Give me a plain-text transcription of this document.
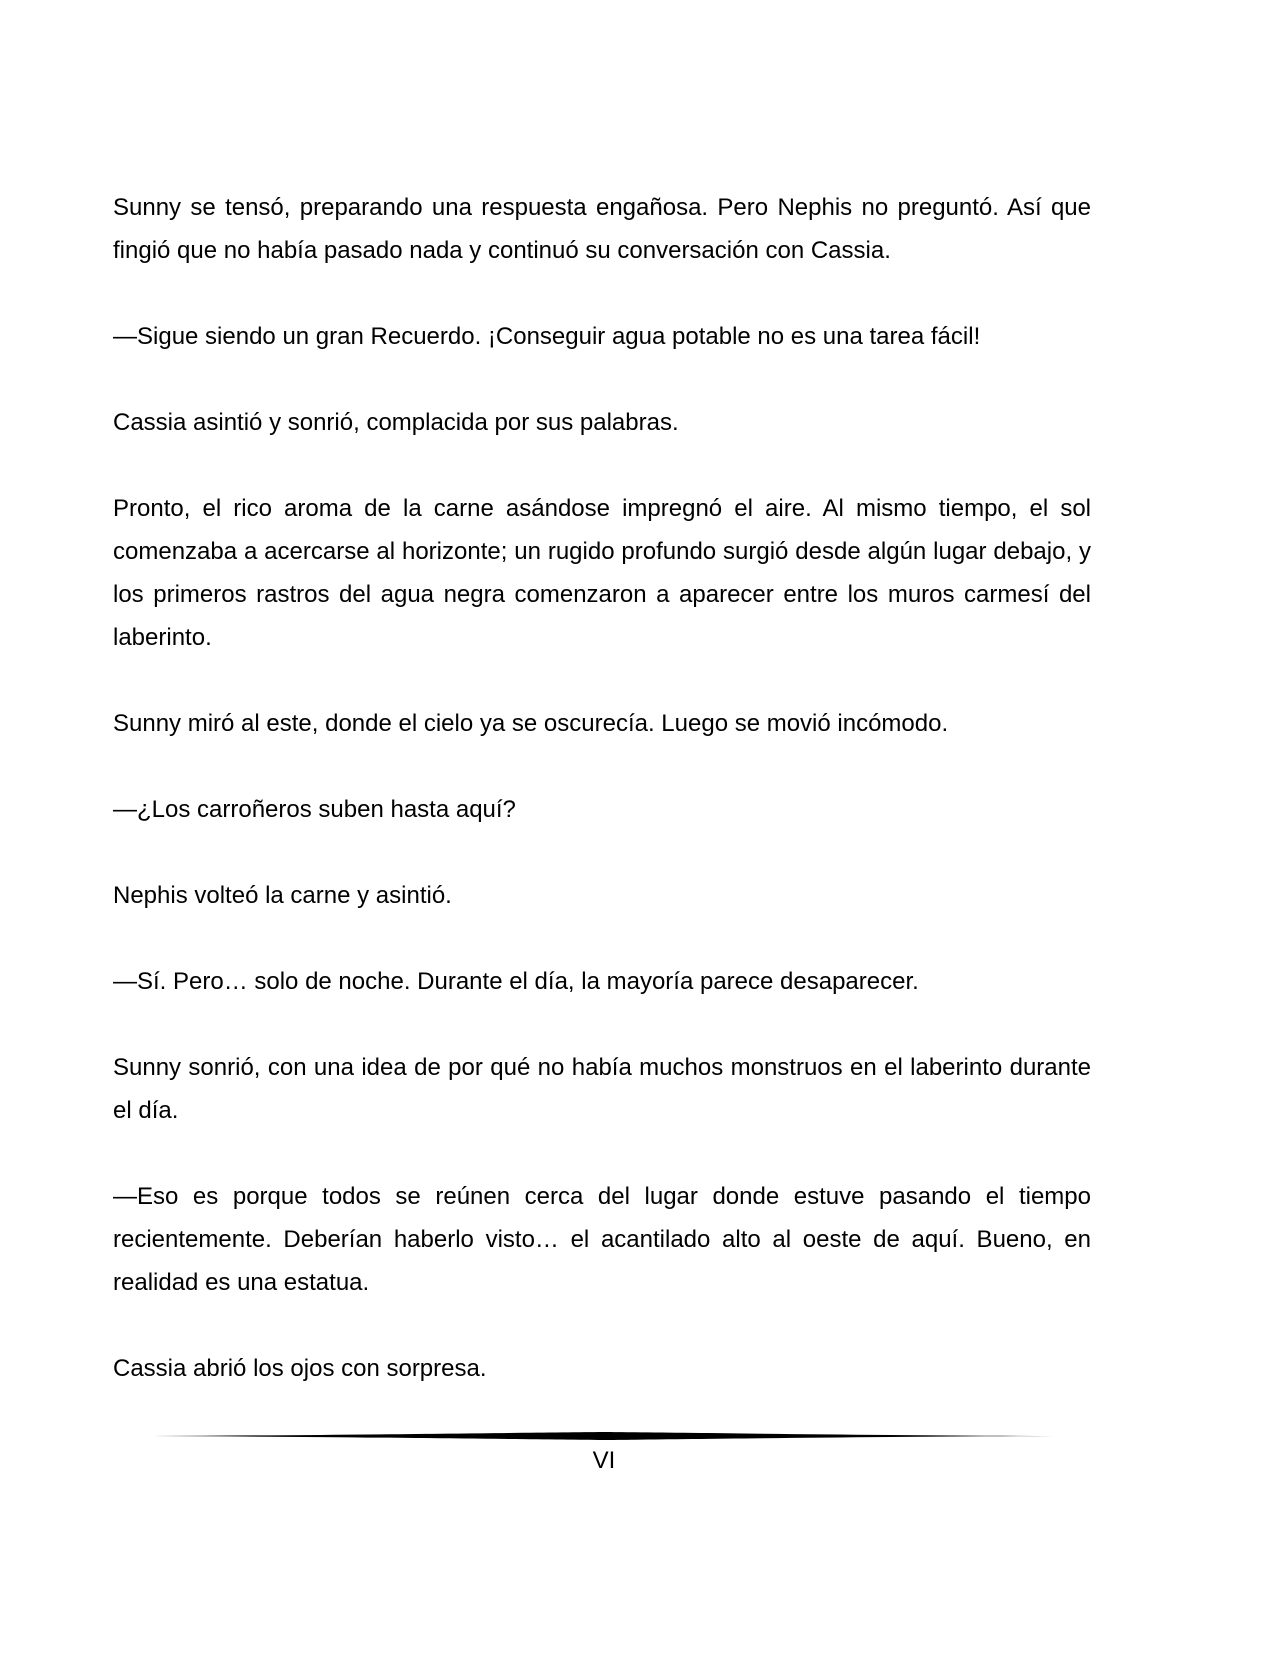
Sunny se tensó, preparando una respuesta engañosa. Pero Nephis no preguntó. Así que fingió que no había pasado nada y continuó su conversación con Cassia.

—Sigue siendo un gran Recuerdo. ¡Conseguir agua potable no es una tarea fácil!

Cassia asintió y sonrió, complacida por sus palabras.

Pronto, el rico aroma de la carne asándose impregnó el aire. Al mismo tiempo, el sol comenzaba a acercarse al horizonte; un rugido profundo surgió desde algún lugar debajo, y los primeros rastros del agua negra comenzaron a aparecer entre los muros carmesí del laberinto.

Sunny miró al este, donde el cielo ya se oscurecía. Luego se movió incómodo.

—¿Los carroñeros suben hasta aquí?

Nephis volteó la carne y asintió.

—Sí. Pero… solo de noche. Durante el día, la mayoría parece desaparecer.

Sunny sonrió, con una idea de por qué no había muchos monstruos en el laberinto durante el día.

—Eso es porque todos se reúnen cerca del lugar donde estuve pasando el tiempo recientemente. Deberían haberlo visto… el acantilado alto al oeste de aquí. Bueno, en realidad es una estatua.

Cassia abrió los ojos con sorpresa.

VI
